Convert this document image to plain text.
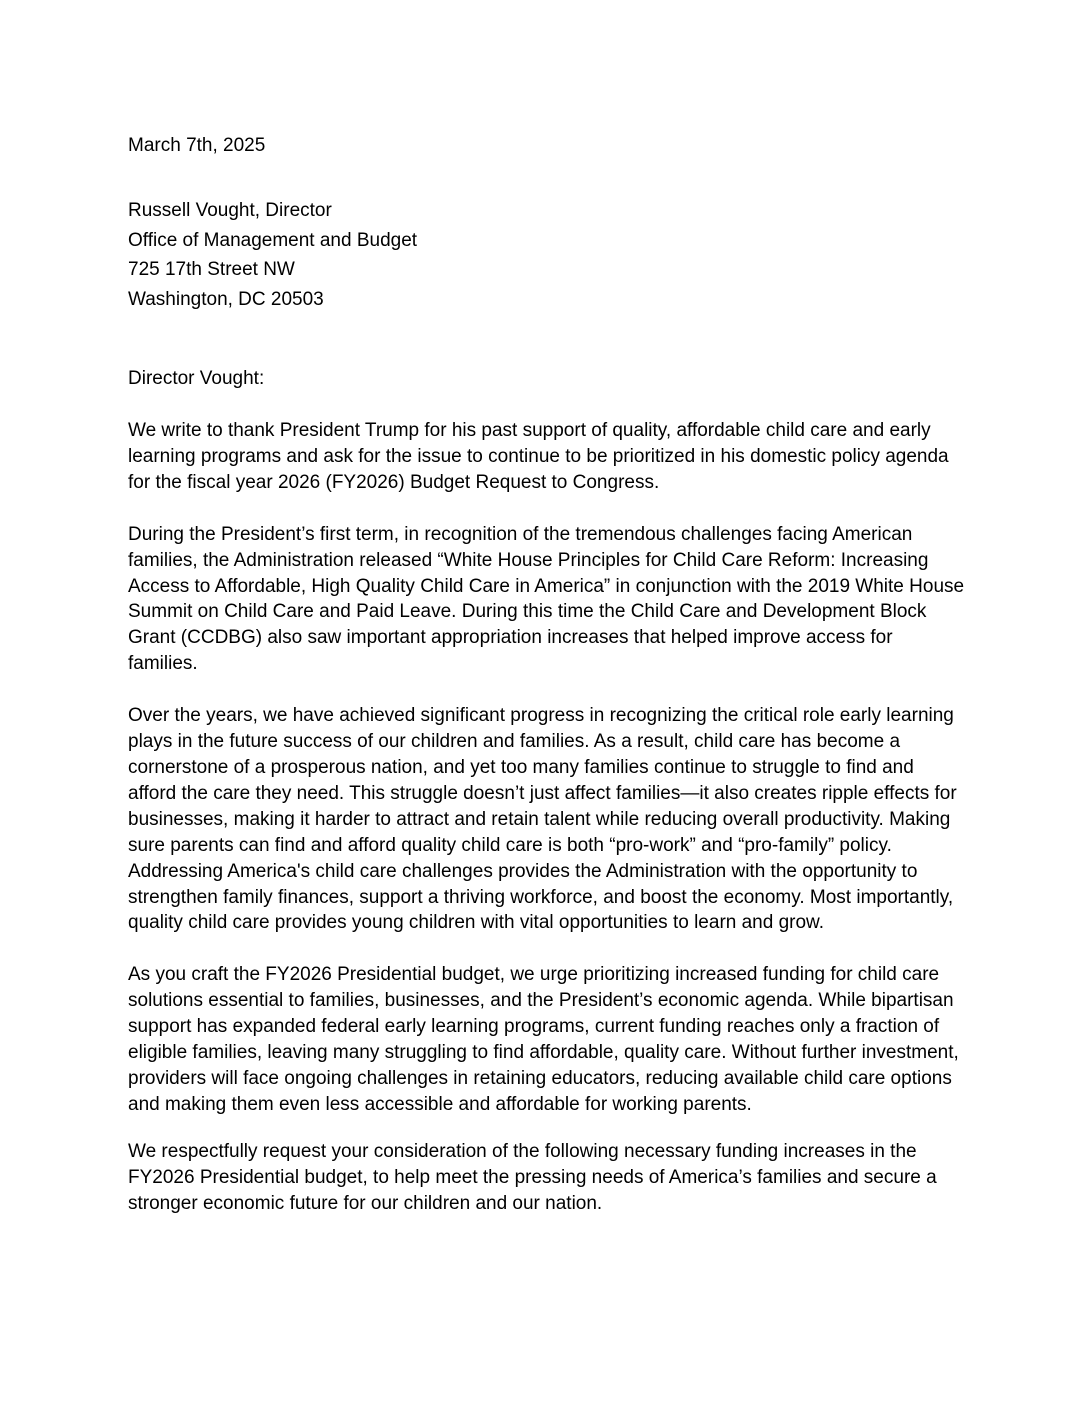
March 7th, 2025

Russell Vought, Director
Office of Management and Budget
725 17th Street NW
Washington, DC 20503

Director Vought:

We write to thank President Trump for his past support of quality, affordable child care and early learning programs and ask for the issue to continue to be prioritized in his domestic policy agenda for the fiscal year 2026 (FY2026) Budget Request to Congress.

During the President’s first term, in recognition of the tremendous challenges facing American families, the Administration released “White House Principles for Child Care Reform: Increasing Access to Affordable, High Quality Child Care in America” in conjunction with the 2019 White House Summit on Child Care and Paid Leave. During this time the Child Care and Development Block Grant (CCDBG) also saw important appropriation increases that helped improve access for families.

Over the years, we have achieved significant progress in recognizing the critical role early learning plays in the future success of our children and families. As a result, child care has become a cornerstone of a prosperous nation, and yet too many families continue to struggle to find and afford the care they need. This struggle doesn’t just affect families—it also creates ripple effects for businesses, making it harder to attract and retain talent while reducing overall productivity. Making sure parents can find and afford quality child care is both “pro-work” and “pro-family” policy. Addressing America's child care challenges provides the Administration with the opportunity to strengthen family finances, support a thriving workforce, and boost the economy. Most importantly, quality child care provides young children with vital opportunities to learn and grow.

As you craft the FY2026 Presidential budget, we urge prioritizing increased funding for child care solutions essential to families, businesses, and the President’s economic agenda. While bipartisan support has expanded federal early learning programs, current funding reaches only a fraction of eligible families, leaving many struggling to find affordable, quality care. Without further investment, providers will face ongoing challenges in retaining educators, reducing available child care options and making them even less accessible and affordable for working parents.

We respectfully request your consideration of the following necessary funding increases in the FY2026 Presidential budget, to help meet the pressing needs of America’s families and secure a stronger economic future for our children and our nation.
